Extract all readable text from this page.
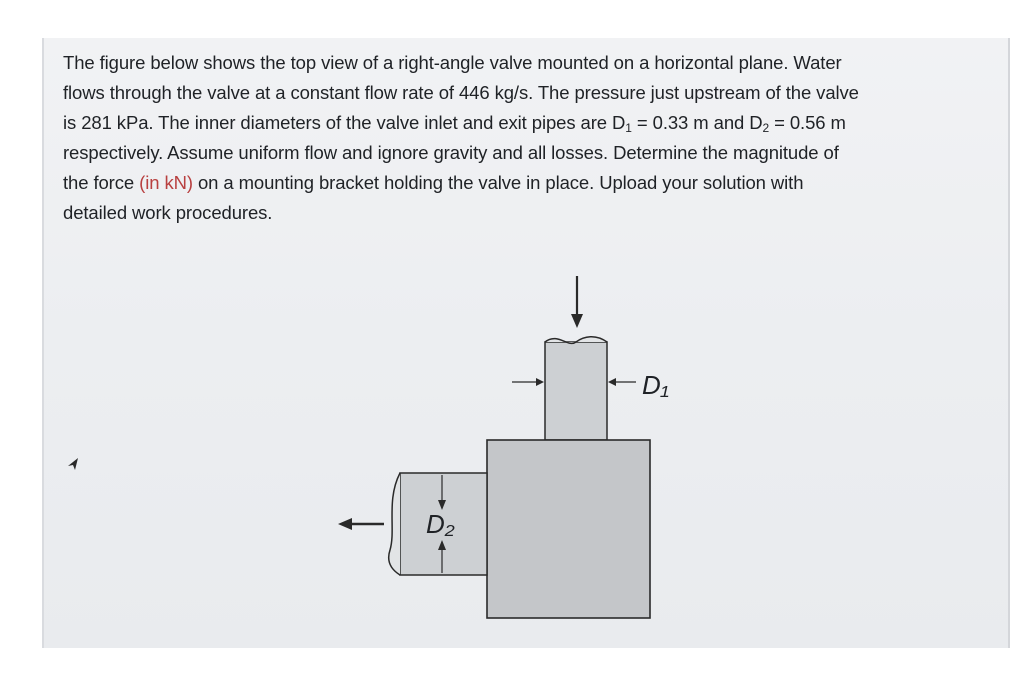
The figure below shows the top view of a right-angle valve mounted on a horizontal plane. Water
flows through the valve at a constant flow rate of 446 kg/s. The pressure just upstream of the valve
is 281 kPa. The inner diameters of the valve inlet and exit pipes are $D_1 = 0.33$ m and $D_2 = 0.56$ m
respectively. Assume uniform flow and ignore gravity and all losses. Determine the magnitude of
the force (in kN) on a mounting bracket holding the valve in place. Upload your solution with
detailed work procedures.
D₁
D₂
